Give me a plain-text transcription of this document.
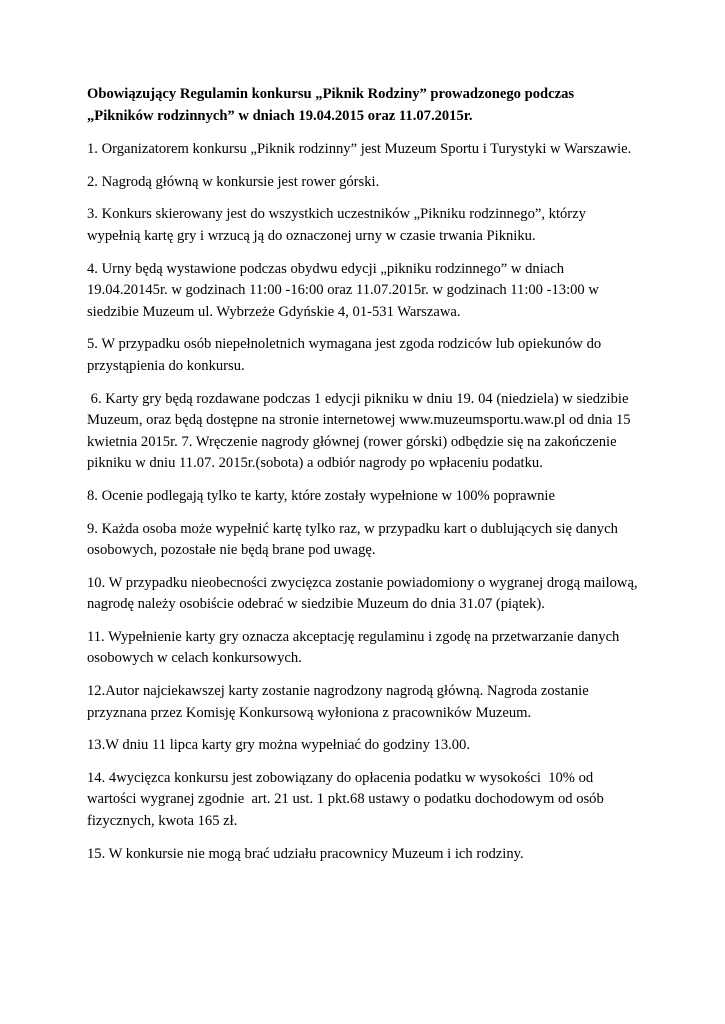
Obowiązujący Regulamin konkursu „Piknik Rodziny” prowadzonego podczas
„Pikników rodzinnych” w dniach 19.04.2015 oraz 11.07.2015r.
1. Organizatorem konkursu „Piknik rodzinny” jest Muzeum Sportu i Turystyki w Warszawie.
2. Nagrodą główną w konkursie jest rower górski.
3. Konkurs skierowany jest do wszystkich uczestników „Pikniku rodzinnego”, którzy
wypełnią kartę gry i wrzucą ją do oznaczonej urny w czasie trwania Pikniku.
4. Urny będą wystawione podczas obydwu edycji „pikniku rodzinnego” w dniach
19.04.20145r. w godzinach 11:00 -16:00 oraz 11.07.2015r. w godzinach 11:00 -13:00 w
siedzibie Muzeum ul. Wybrzeże Gdyńskie 4, 01-531 Warszawa.
5. W przypadku osób niepełnoletnich wymagana jest zgoda rodziców lub opiekunów do
przystąpienia do konkursu.
6. Karty gry będą rozdawane podczas 1 edycji pikniku w dniu 19. 04 (niedziela) w siedzibie
Muzeum, oraz będą dostępne na stronie internetowej www.muzeumsportu.waw.pl od dnia 15
kwietnia 2015r. 7. Wręczenie nagrody głównej (rower górski) odbędzie się na zakończenie
pikniku w dniu 11.07. 2015r.(sobota) a odbiór nagrody po wpłaceniu podatku.
8. Ocenie podlegają tylko te karty, które zostały wypełnione w 100% poprawnie
9. Każda osoba może wypełnić kartę tylko raz, w przypadku kart o dublujących się danych
osobowych, pozostałe nie będą brane pod uwagę.
10. W przypadku nieobecności zwycięzca zostanie powiadomiony o wygranej drogą mailową,
nagrodę należy osobiście odebrać w siedzibie Muzeum do dnia 31.07 (piątek).
11. Wypełnienie karty gry oznacza akceptację regulaminu i zgodę na przetwarzanie danych
osobowych w celach konkursowych.
12.Autor najciekawszej karty zostanie nagrodzony nagrodą główną. Nagroda zostanie
przyznana przez Komisję Konkursową wyłoniona z pracowników Muzeum.
13.W dniu 11 lipca karty gry można wypełniać do godziny 13.00.
14. 4wycięzca konkursu jest zobowiązany do opłacenia podatku w wysokości  10% od
wartości wygranej zgodnie  art. 21 ust. 1 pkt.68 ustawy o podatku dochodowym od osób
fizycznych, kwota 165 zł.
15. W konkursie nie mogą brać udziału pracownicy Muzeum i ich rodziny.
